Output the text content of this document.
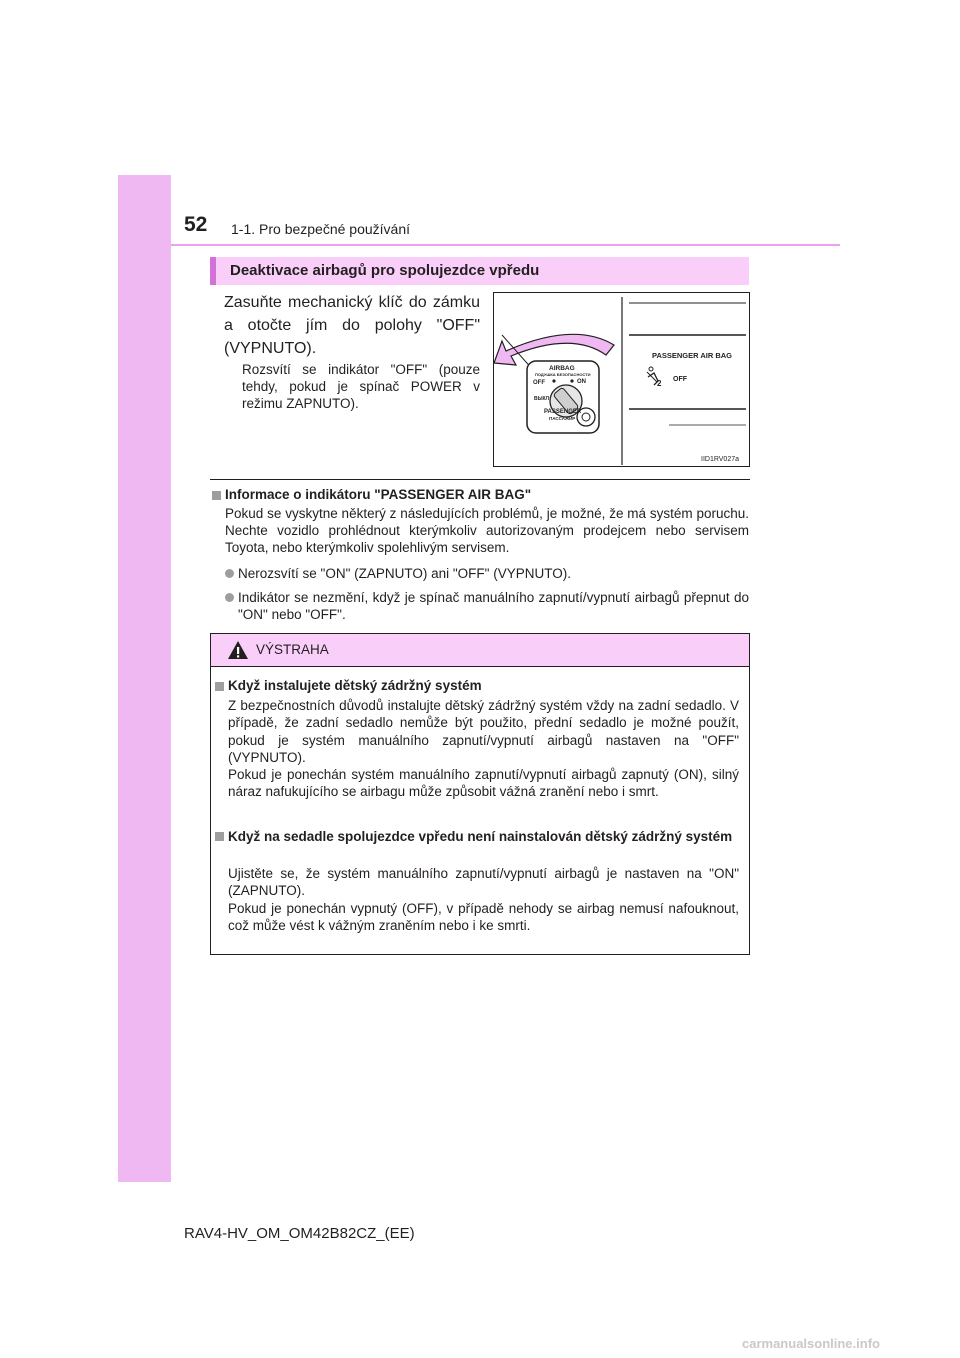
52 1-1. Pro bezpečné používání
Deaktivace airbagů pro spolujezdce vpředu
Zasuňte mechanický klíč do zámku a otočte jím do polohy "OFF" (VYPNUTO).
Rozsvítí se indikátor "OFF" (pouze tehdy, pokud je spínač POWER v režimu ZAPNUTO).
AIRBAG
ПОДУШКА БЕЗОПАСНОСТИ
OFF	ON
ВЫКЛ
PASSENGER
ПАССАЖИР
PASSENGER AIR BAG
2 OFF
IID1RV027a
Informace o indikátoru "PASSENGER AIR BAG"
Pokud se vyskytne některý z následujících problémů, je možné, že má systém poruchu. Nechte vozidlo prohlédnout kterýmkoliv autorizovaným prodejcem nebo servisem Toyota, nebo kterýmkoliv spolehlivým servisem.
Nerozsvítí se "ON" (ZAPNUTO) ani "OFF" (VYPNUTO).
Indikátor se nezmění, když je spínač manuálního zapnutí/vypnutí airbagů přepnut do "ON" nebo "OFF".
VÝSTRAHA
Když instalujete dětský zádržný systém

Z bezpečnostních důvodů instalujte dětský zádržný systém vždy na zadní sedadlo. V případě, že zadní sedadlo nemůže být použito, přední sedadlo je možné použít, pokud je systém manuálního zapnutí/vypnutí airbagů nastaven na "OFF" (VYPNUTO).

Pokud je ponechán systém manuálního zapnutí/vypnutí airbagů zapnutý (ON), silný náraz nafukujícího se airbagu může způsobit vážná zranění nebo i smrt.

Když na sedadle spolujezdce vpředu není nainstalován dětský zádržný systém

Ujistěte se, že systém manuálního zapnutí/vypnutí airbagů je nastaven na "ON" (ZAPNUTO).

Pokud je ponechán vypnutý (OFF), v případě nehody se airbag nemusí nafouknout, což může vést k vážným zraněním nebo i ke smrti.

RAV4-HV_OM_OM42B82CZ_(EE)
carmanualsonline.info
